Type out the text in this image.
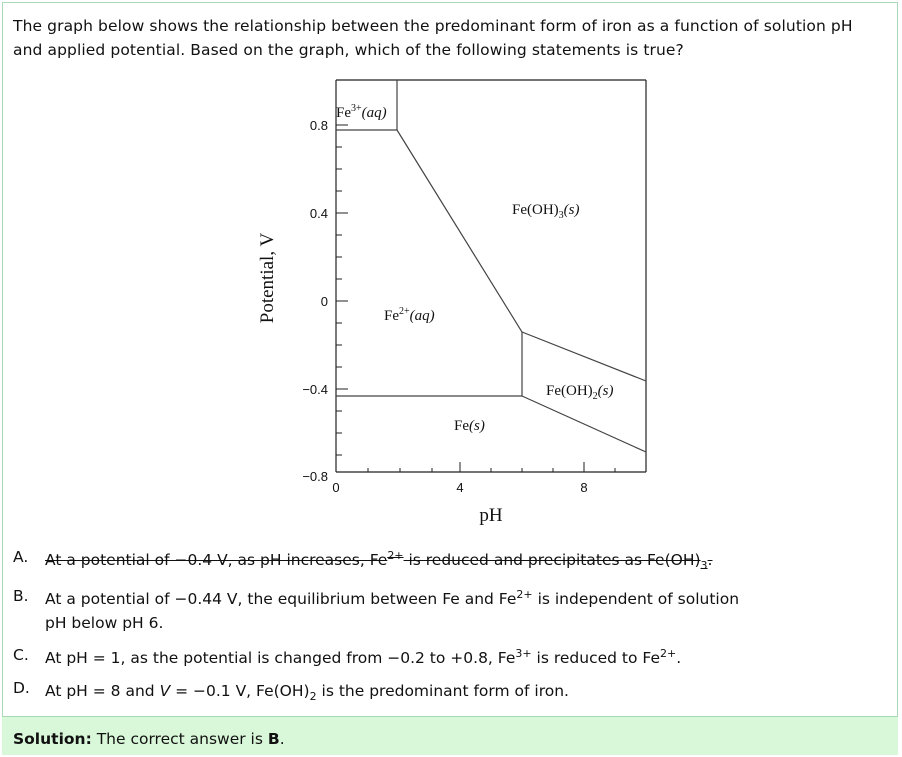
The graph below shows the relationship between the predominant form of iron as a function of solution pH
and applied potential. Based on the graph, which of the following statements is true?
0.8
0.4
0
−0.4
−0.8
0	4	8
pH
Potential, V
$Fe^{3+}(aq)$
$Fe(OH)_3(s)$
$Fe^{2+}(aq)$
$Fe(OH)_2(s)$
Fe(s)
A. At a potential of −0.4 V, as pH increases, $Fe^{2+}$ is reduced and precipitates as $Fe(OH)_3$.
B. At a potential of −0.44 V, the equilibrium between Fe and $Fe^{2+}$ is independent of solution
pH below pH 6.
C. At pH = 1, as the potential is changed from −0.2 to +0.8, $Fe^{3+}$ is reduced to $Fe^{2+}$.
D. At pH = 8 and V = −0.1 V, $Fe(OH)_2$ is the predominant form of iron.
Solution: The correct answer is B.
